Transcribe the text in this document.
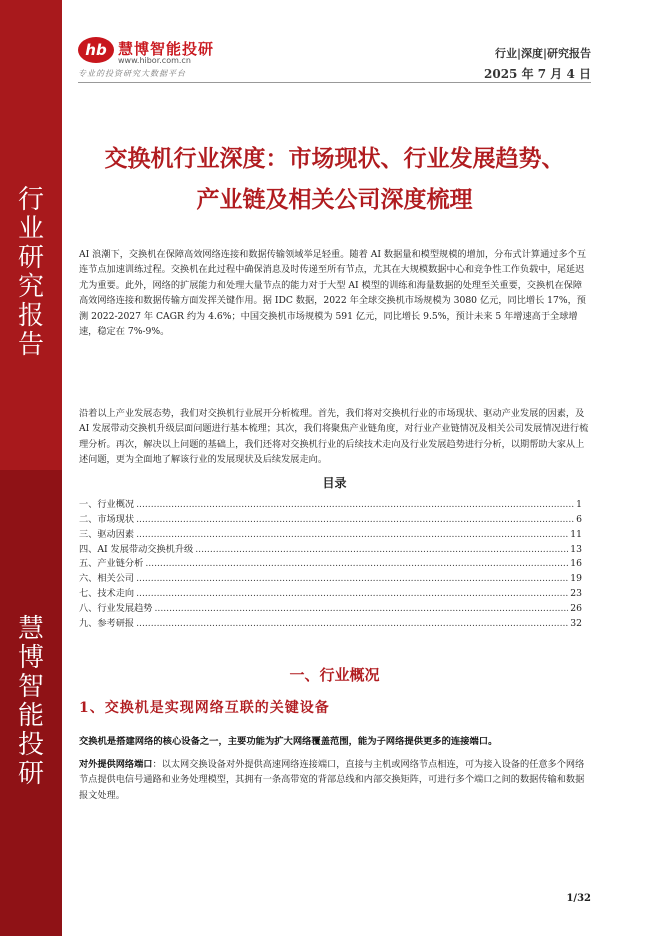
行
业
研
究
报
告
慧
博
智
能
投
研
hb 慧博智能投研
www.hibor.com.cn
专业的投资研究大数据平台
行业|深度|研究报告
2025 年 7 月 4 日
交换机行业深度：市场现状、行业发展趋势、
产业链及相关公司深度梳理
AI 浪潮下，交换机在保障高效网络连接和数据传输领域举足轻重。随着 AI 数据量和模型规模的增加，分布式计算通过多个互连节点加速训练过程。交换机在此过程中确保消息及时传递至所有节点，尤其在大规模数据中心和竞争性工作负载中，尾延迟尤为重要。此外，网络的扩展能力和处理大量节点的能力对于大型 AI 模型的训练和海量数据的处理至关重要，交换机在保障高效网络连接和数据传输方面发挥关键作用。据 IDC 数据，2022 年全球交换机市场规模为 3080 亿元，同比增长 17%，预测 2022-2027 年 CAGR 约为 4.6%；中国交换机市场规模为 591 亿元，同比增长 9.5%，预计未来 5 年增速高于全球增速，稳定在 7%-9%。
沿着以上产业发展态势，我们对交换机行业展开分析梳理。首先，我们将对交换机行业的市场现状、驱动产业发展的因素，及 AI 发展带动交换机升级层面问题进行基本梳理；其次，我们将聚焦产业链角度，对行业产业链情况及相关公司发展情况进行梳理分析。再次，解决以上问题的基础上，我们还将对交换机行业的后续技术走向及行业发展趋势进行分析，以期帮助大家从上述问题，更为全面地了解该行业的发展现状及后续发展走向。
目录
一、行业概况 .....	1
二、市场现状 .....	6
三、驱动因素 .....	11
四、AI 发展带动交换机升级 .....	13
五、产业链分析 .....	16
六、相关公司 .....	19
七、技术走向 .....	23
八、行业发展趋势 .....	26
九、参考研报 .....	32
一、行业概况
1、交换机是实现网络互联的关键设备
交换机是搭建网络的核心设备之一，主要功能为扩大网络覆盖范围，能为子网络提供更多的连接端口。
对外提供网络端口：以太网交换设备对外提供高速网络连接端口，直接与主机或网络节点相连，可为接入设备的任意多个网络节点提供电信号通路和业务处理模型，其拥有一条高带宽的背部总线和内部交换矩阵，可进行多个端口之间的数据传输和数据报文处理。
1/32
